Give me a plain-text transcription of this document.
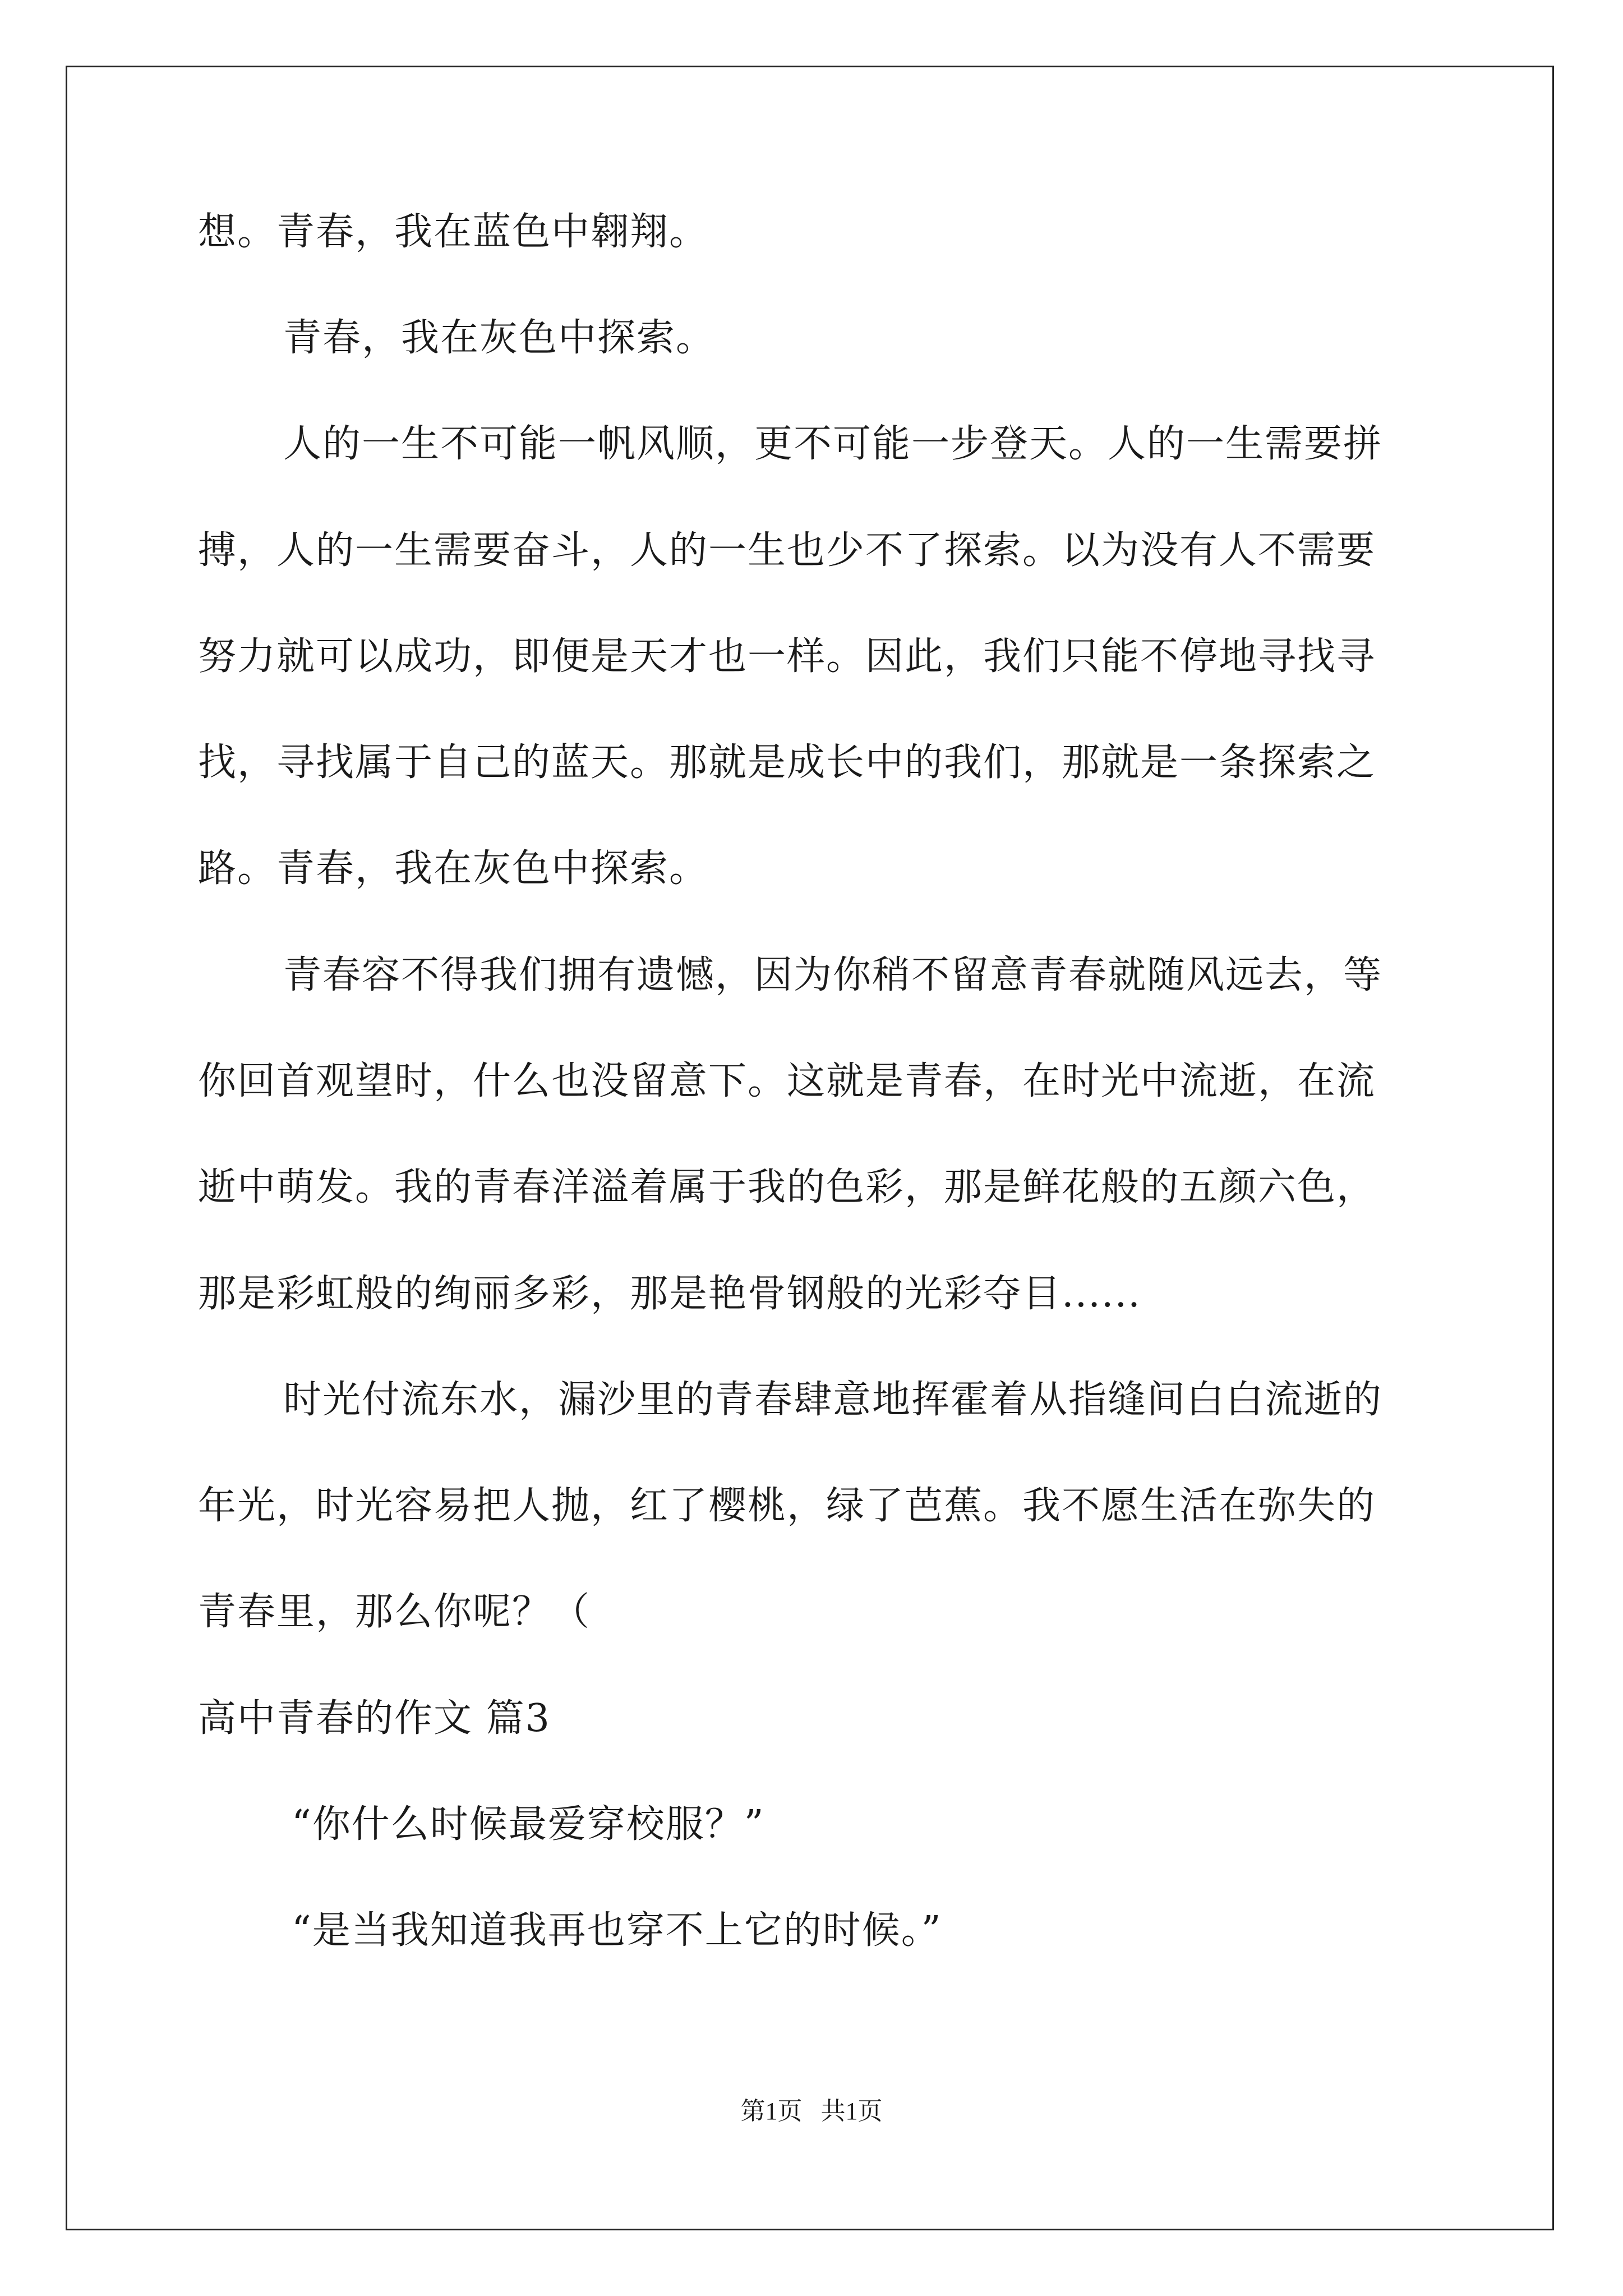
想。青春，我在蓝色中翱翔。
青春，我在灰色中探索。
人的一生不可能一帆风顺，更不可能一步登天。人的一生需要拼
搏，人的一生需要奋斗，人的一生也少不了探索。以为没有人不需要
努力就可以成功，即便是天才也一样。因此，我们只能不停地寻找寻
找，寻找属于自己的蓝天。那就是成长中的我们，那就是一条探索之
路。青春，我在灰色中探索。
青春容不得我们拥有遗憾，因为你稍不留意青春就随风远去，等
你回首观望时，什么也没留意下。这就是青春，在时光中流逝，在流
逝中萌发。我的青春洋溢着属于我的色彩，那是鲜花般的五颜六色，
那是彩虹般的绚丽多彩，那是艳骨钢般的光彩夺目......
时光付流东水，漏沙里的青春肆意地挥霍着从指缝间白白流逝的
年光，时光容易把人抛，红了樱桃，绿了芭蕉。我不愿生活在弥失的
青春里，那么你呢？（
高中青春的作文 篇3
“你什么时候最爱穿校服？”
“是当我知道我再也穿不上它的时候。”
第1页   共1页
